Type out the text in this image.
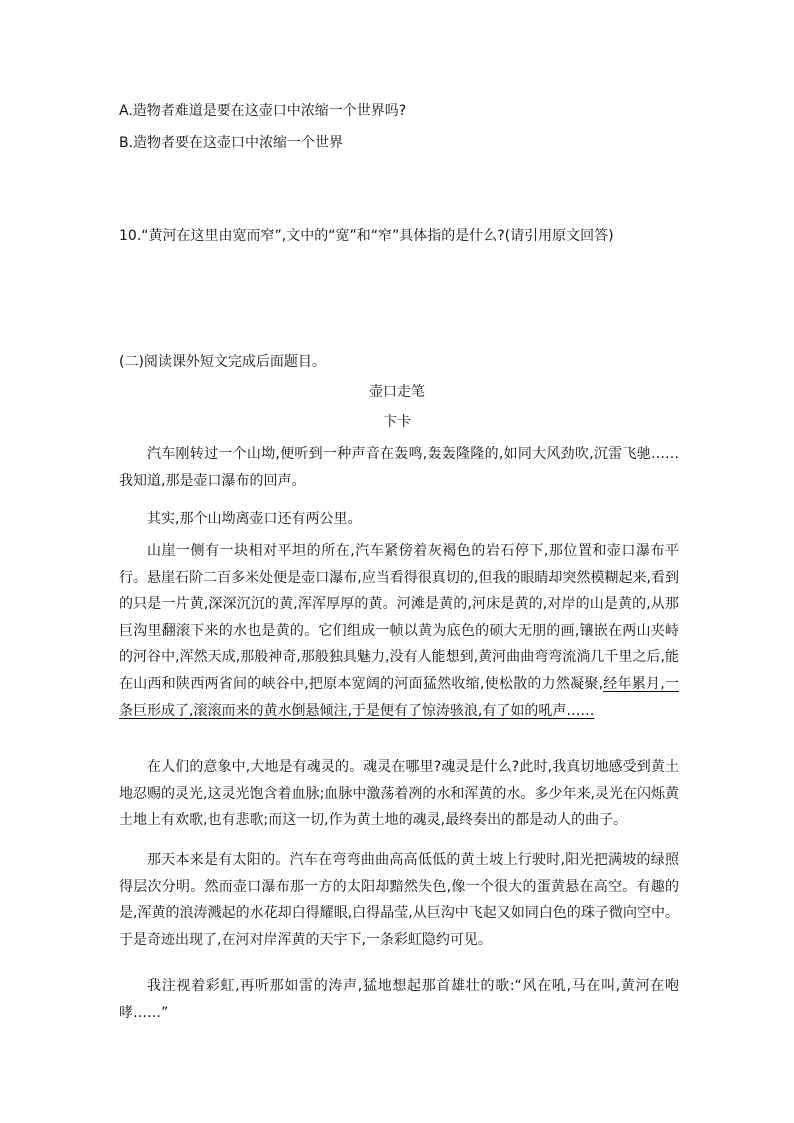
A.造物者难道是要在这壶口中浓缩一个世界吗?
B.造物者要在这壶口中浓缩一个世界
10.“黄河在这里由宽而窄”,文中的“宽”和“窄”具体指的是什么?(请引用原文回答)
(二)阅读课外短文完成后面题目。
壶口走笔
卞卡
汽车刚转过一个山坳,便听到一种声音在轰鸣,轰轰隆隆的,如同大风劲吹,沉雷飞驰……我知道,那是壶口瀑布的回声。
其实,那个山坳离壶口还有两公里。
山崖一侧有一块相对平坦的所在,汽车紧傍着灰褐色的岩石停下,那位置和壶口瀑布平行。悬崖石阶二百多米处便是壶口瀑布,应当看得很真切的,但我的眼睛却突然模糊起来,看到的只是一片黄,深深沉沉的黄,浑浑厚厚的黄。河滩是黄的,河床是黄的,对岸的山是黄的,从那巨沟里翻滚下来的水也是黄的。它们组成一帧以黄为底色的硕大无朋的画,镶嵌在两山夹峙的河谷中,浑然天成,那般神奇,那般独具魅力,没有人能想到,黄河曲曲弯弯流淌几千里之后,能在山西和陕西两省间的峡谷中,把原本宽阔的河面猛然收缩,使松散的力然凝聚,经年累月,一条巨形成了,滚滚而来的黄水倒悬倾注,于是便有了惊涛骇浪,有了如的吼声……
在人们的意象中,大地是有魂灵的。魂灵在哪里?魂灵是什么?此时,我真切地感受到黄土地忍赐的灵光,这灵光饱含着血脉;血脉中激荡着冽的水和浑黄的水。多少年来,灵光在闪烁黄土地上有欢歌,也有悲歌;而这一切,作为黄土地的魂灵,最终奏出的都是动人的曲子。
那天本来是有太阳的。汽车在弯弯曲曲高高低低的黄土坡上行驶时,阳光把满坡的绿照得层次分明。然而壶口瀑布那一方的太阳却黯然失色,像一个很大的蛋黄悬在高空。有趣的是,浑黄的浪涛溅起的水花却白得耀眼,白得晶莹,从巨沟中飞起又如同白色的珠子微向空中。于是奇迹出现了,在河对岸浑黄的天宇下,一条彩虹隐约可见。
我注视着彩虹,再听那如雷的涛声,猛地想起那首雄壮的歌:“风在吼,马在叫,黄河在咆哮……”
